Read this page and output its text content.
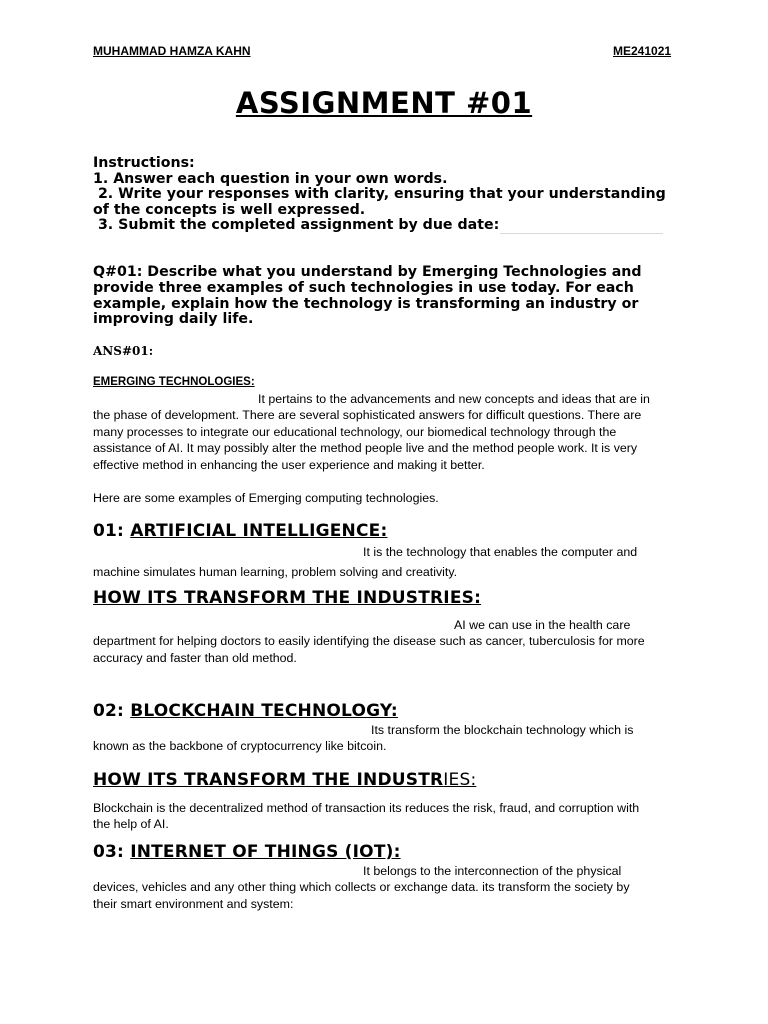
MUHAMMAD HAMZA KAHN	ME241021
ASSIGNMENT #01
Instructions:
1. Answer each question in your own words.
2. Write your responses with clarity, ensuring that your understanding
of the concepts is well expressed.
3. Submit the completed assignment by due date:
Q#01: Describe what you understand by Emerging Technologies and
provide three examples of such technologies in use today. For each
example, explain how the technology is transforming an industry or
improving daily life.
ANS#01:
EMERGING TECHNOLOGIES:
It pertains to the advancements and new concepts and ideas that are in
the phase of development. There are several sophisticated answers for difficult questions. There are
many processes to integrate our educational technology, our biomedical technology through the
assistance of AI. It may possibly alter the method people live and the method people work. It is very
effective method in enhancing the user experience and making it better.
Here are some examples of Emerging computing technologies.
01: ARTIFICIAL INTELLIGENCE:
It is the technology that enables the computer and
machine simulates human learning, problem solving and creativity.
HOW ITS TRANSFORM THE INDUSTRIES:
AI we can use in the health care
department for helping doctors to easily identifying the disease such as cancer, tuberculosis for more
accuracy and faster than old method.
02: BLOCKCHAIN TECHNOLOGY:
Its transform the blockchain technology which is
known as the backbone of cryptocurrency like bitcoin.
HOW ITS TRANSFORM THE INDUSTRIES:
Blockchain is the decentralized method of transaction its reduces the risk, fraud, and corruption with
the help of AI.
03: INTERNET OF THINGS (IOT):
It belongs to the interconnection of the physical
devices, vehicles and any other thing which collects or exchange data. its transform the society by
their smart environment and system:
